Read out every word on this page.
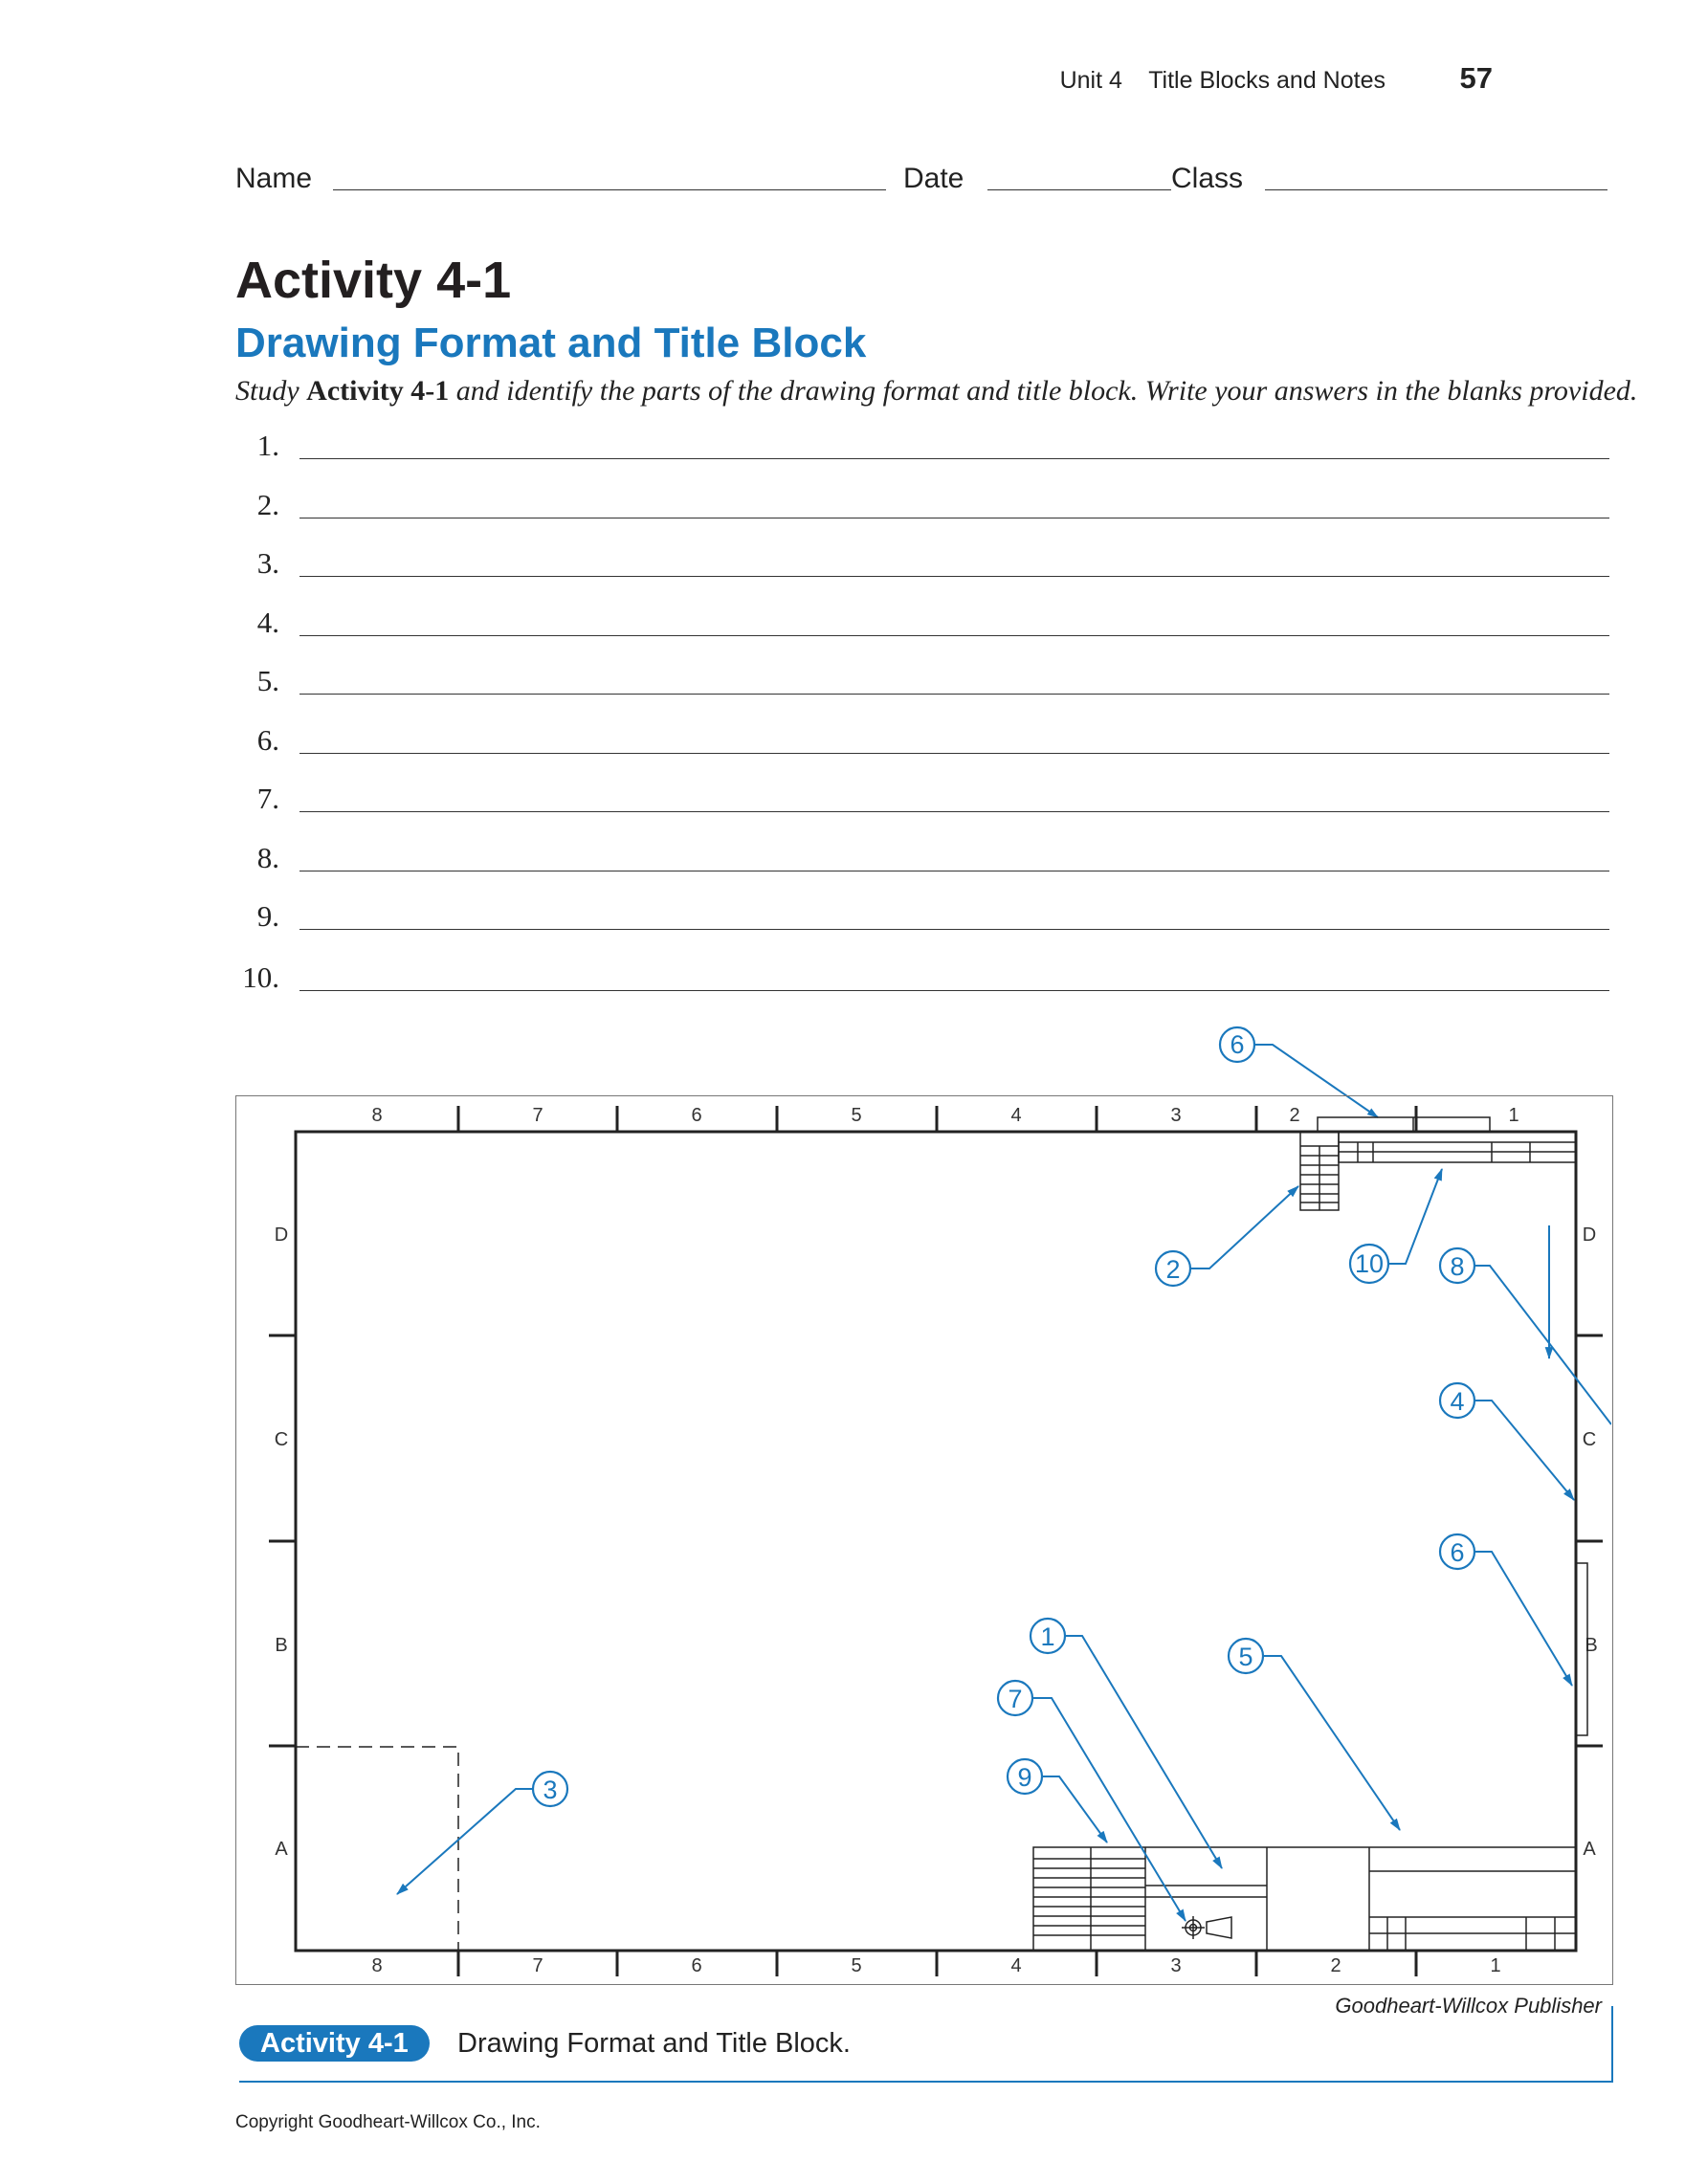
Unit 4    Title Blocks and Notes	57
Name	Date	Class
Activity 4-1
Drawing Format and Title Block
Study Activity 4-1 and identify the parts of the drawing format and title block. Write your answers in the blanks provided.
1.
2.
3.
4.
5.
6.
7.
8.
9.
10.
6
8	7	6	5	4	3	2	1
8	7	6	5	4	3	2	1
D
C
B
A
D
C
B
A
2	10	8
4
6
1
5
7
9
3
Goodheart-Willcox Publisher
Activity 4-1	Drawing Format and Title Block.
Copyright Goodheart-Willcox Co., Inc.
